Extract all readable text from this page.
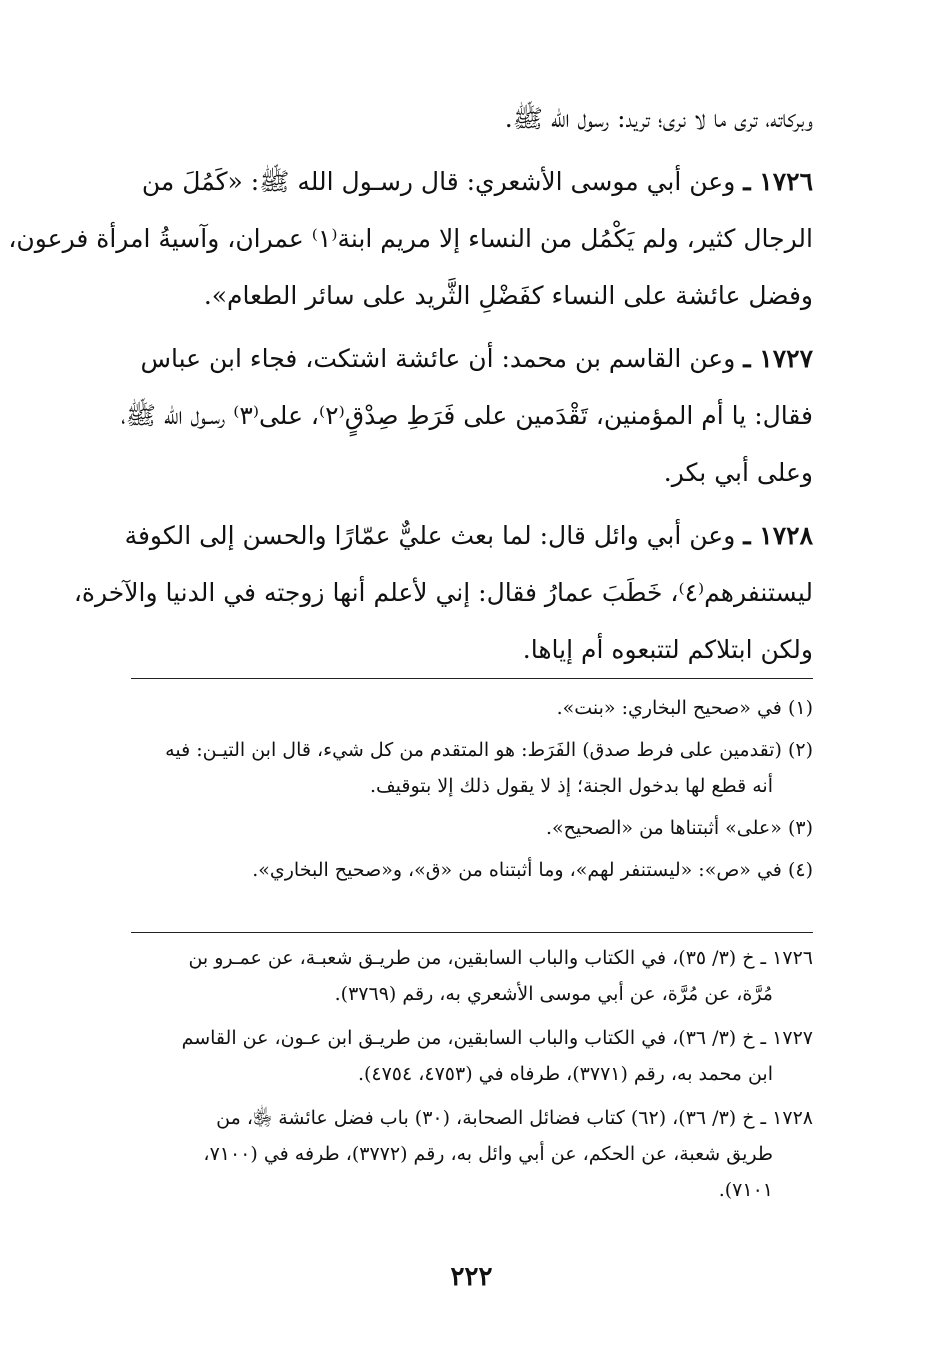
وبركاته، ترى ما لا نرى؛ تريد: رسول الله ﷺ.

١٧٢٦ ـ وعن أبي موسى الأشعري: قال رسـول الله ﷺ: «كَمُلَ من
الرجال كثير، ولم يَكْمُل من النساء إلا مريم ابنة⁽١⁾ عمران، وآسيةُ امرأة فرعون،
وفضل عائشة على النساء كفَضْلِ الثَّريد على سائر الطعام».

١٧٢٧ ـ وعن القاسم بن محمد: أن عائشة اشتكت، فجاء ابن عباس
فقال: يا أم المؤمنين، تَقْدَمين على فَرَطِ صِدْقٍ⁽٢⁾، على⁽٣⁾ رسـول الله ﷺ،
وعلى أبي بكر.

١٧٢٨ ـ وعن أبي وائل قال: لما بعث عليٌّ عمّارًا والحسن إلى الكوفة
ليستنفرهم⁽٤⁾، خَطَبَ عمارُ فقال: إني لأعلم أنها زوجته في الدنيا والآخرة،
ولكن ابتلاكم لتتبعوه أم إياها.

(١) في «صحيح البخاري: «بنت».

(٢) (تقدمين على فرط صدق) الفَرَط: هو المتقدم من كل شيء، قال ابن التيـن: فيه
أنه قطع لها بدخول الجنة؛ إذ لا يقول ذلك إلا بتوقيف.

(٣) «على» أثبتناها من «الصحيح».

(٤) في «ص»: «ليستنفر لهم»، وما أثبتناه من «ق»، و«صحيح البخاري».

١٧٢٦ ـ خ (٣/ ٣٥)، في الكتاب والباب السابقين، من طريـق شعبـة، عن عمـرو بن
مُرَّة، عن مُرَّة، عن أبي موسى الأشعري به، رقم (٣٧٦٩).

١٧٢٧ ـ خ (٣/ ٣٦)، في الكتاب والباب السابقين، من طريـق ابن عـون، عن القاسم
ابن محمد به، رقم (٣٧٧١)، طرفاه في (٤٧٥٣، ٤٧٥٤).

١٧٢٨ ـ خ (٣/ ٣٦)، (٦٢) كتاب فضائل الصحابة، (٣٠) باب فضل عائشة ﵂، من
طريق شعبة، عن الحكم، عن أبي وائل به، رقم (٣٧٧٢)، طرفه في (٧١٠٠،
٧١٠١).

٢٢٢
